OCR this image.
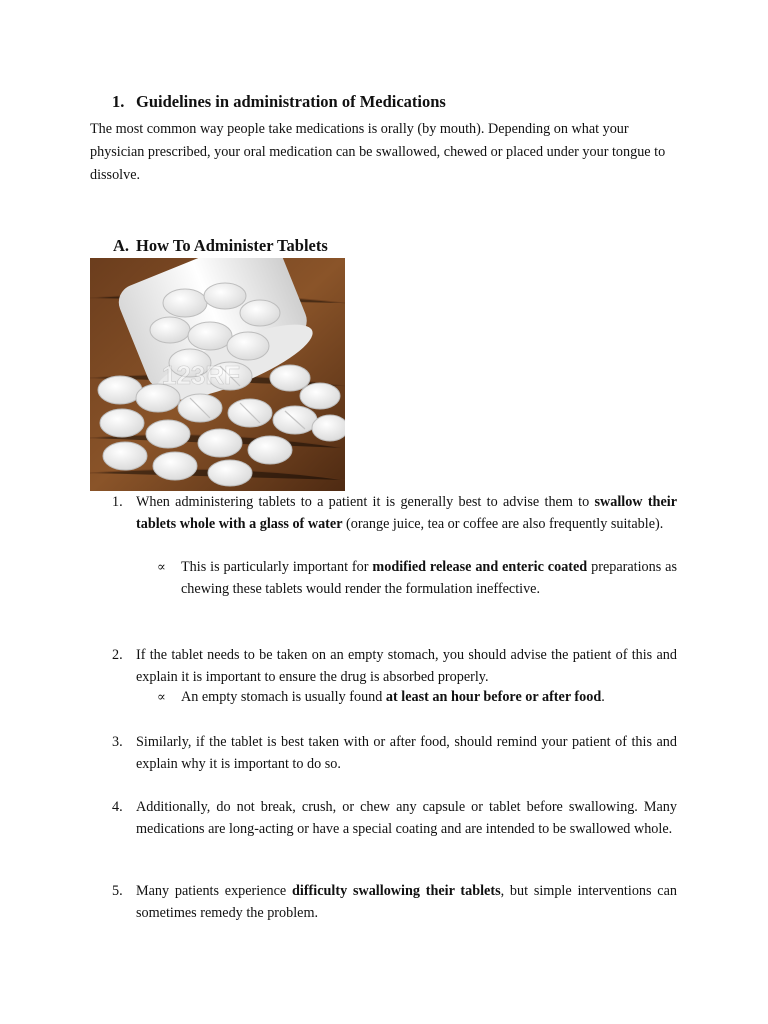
1. Guidelines in administration of Medications

The most common way people take medications is orally (by mouth). Depending on what your physician prescribed, your oral medication can be swallowed, chewed or placed under your tongue to dissolve.

A. How To Administer Tablets
123RF
1. When administering tablets to a patient it is generally best to advise them to swallow their tablets whole with a glass of water (orange juice, tea or coffee are also frequently suitable).

∝ This is particularly important for modified release and enteric coated preparations as chewing these tablets would render the formulation ineffective.

2. If the tablet needs to be taken on an empty stomach, you should advise the patient of this and explain it is important to ensure the drug is absorbed properly.

∝ An empty stomach is usually found at least an hour before or after food.

3. Similarly, if the tablet is best taken with or after food, should remind your patient of this and explain why it is important to do so.

4. Additionally, do not break, crush, or chew any capsule or tablet before swallowing. Many medications are long-acting or have a special coating and are intended to be swallowed whole.

5. Many patients experience difficulty swallowing their tablets, but simple interventions can sometimes remedy the problem.
